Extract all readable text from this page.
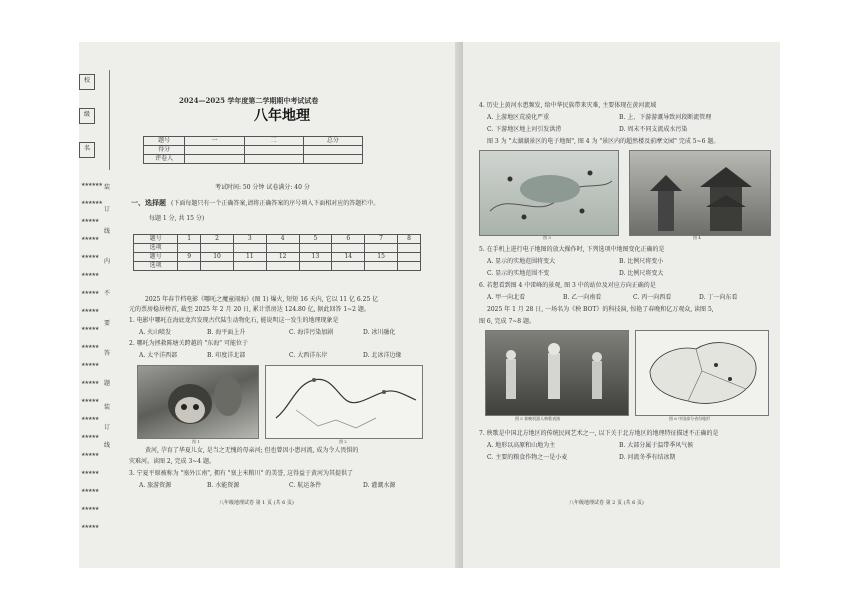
校
级
名
★★★★★★
★★★★★★
★★★★★
★★★★★
★★★★★
★★★★★
★★★★★
★★★★★
★★★★★
★★★★★
★★★★★
★★★★★
★★★★★
★★★★★
★★★★★
★★★★★
★★★★★
★★★★★
★★★★★
★★★★★
装
订
线
内
不
要
答
题
装
订
线
2024—2025 学年度第二学期期中考试试卷
八年地理
题号	一	二	总分
得分			
评卷人			
考试时间: 50 分钟 试卷满分: 40 分
一、选择题 (下面每题只有一个正确答案,请将正确答案的序号填入下面相对应的答题栏中。
每题 1 分, 共 15 分)
题号	1	2	3	4	5	6	7	8
选项								
题号	9	10	11	12	13	14	15	
选项								
2025 年春节档电影《哪吒之魔童闹海》(图 1) 爆火, 短短 16 天内, 它以 11 亿 6.25 亿
元的票房稳居榜首, 截至 2025 年 2 月 20 日, 累计票房达 124.80 亿, 据此回答 1~2 题。
1. 电影中哪吒在海底龙宫发现古代陆生动物化石, 能说明这一发生的地理现象是
A. 火山喷发	B. 海平面上升	C. 海洋污染加剧	D. 冰川融化
2. 哪吒为拯救陈塘关跨越的 "东海" 可能位于
A. 太平洋西部	B. 印度洋北部	C. 大西洋东岸	D. 北冰洋边缘
图 1	图 2
黄河, 孕育了华夏儿女, 是当之无愧的母亲河; 但也曾因小患河流, 成为令人畏惧的
灾难河。读图 2, 完成 3~4 题。
3. 宁夏平原被称为 "塞外江南", 拥有 "塞上米粮川" 的美誉, 这得益于黄河为其提供了
A. 旅游资源	B. 水能资源	C. 航运条件	D. 灌溉水源
八年级地理试卷 第 1 页 (共 6 页)
4. 历史上黄河水患频发, 给中华民族带来灾难, 主要体现在黄河流域
A. 上游地区荒漠化严重	B. 上、下游游溉导致河段断流管理
C. 下游地区地上河引发洪涝	D. 周末不同支流成水污染
图 3 为 "太湖湖景区的电子地图", 图 4 为 "景区内的超然楼及前摩文园" 完成 5~6 题。
图 3	图 4
5. 在手机上进行电子地图的放大操作时, 下列选项中地图变化正确的是
A. 显示的实地范围将变大	B. 比例尺将变小
C. 显示的实地范围不变	D. 比例尺将变大
6. 若想看到图 4 中雷峰的景观, 图 3 中的站位及对应方向正确的是
A. 甲一向北看	B. 乙一向南看	C. 丙一向西看	D. 丁一向东看
2025 年 1 月 28 日, 一场名为《秧 BOT》的科技演, 惊艳了春晚和亿万观众, 读图 5,
图 6, 完成 7~8 题。
图 5 春晚机器人秧歌表演	图 6 中国部分省份地形
7. 秧歌是中国北方地区的传统民间艺术之一, 以下关于北方地区的地理特征描述不正确的是
A. 地形以高原和山地为主	B. 大部分属于温带季风气候
C. 主要的粮食作物之一是小麦	D. 河流冬季有结冰期
八年级地理试卷 第 2 页 (共 6 页)
